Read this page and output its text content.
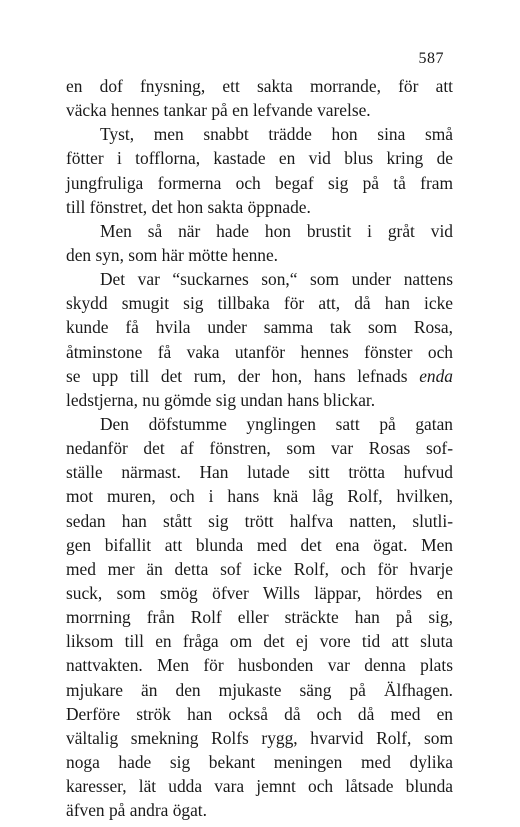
587
en dof fnysning, ett sakta morrande, för att
väcka hennes tankar på en lefvande varelse.
Tyst, men snabbt trädde hon sina små
fötter i tofflorna, kastade en vid blus kring de
jungfruliga formerna och begaf sig på tå fram
till fönstret, det hon sakta öppnade.
Men så när hade hon brustit i gråt vid
den syn, som här mötte henne.
Det var “suckarnes son,“ som under nattens
skydd smugit sig tillbaka för att, då han icke
kunde få hvila under samma tak som Rosa,
åtminstone få vaka utanför hennes fönster och
se upp till det rum, der hon, hans lefnads enda
ledstjerna, nu gömde sig undan hans blickar.
Den döfstumme ynglingen satt på gatan
nedanför det af fönstren, som var Rosas sof-
ställe närmast. Han lutade sitt trötta hufvud
mot muren, och i hans knä låg Rolf, hvilken,
sedan han stått sig trött halfva natten, slutli-
gen bifallit att blunda med det ena ögat. Men
med mer än detta sof icke Rolf, och för hvarje
suck, som smög öfver Wills läppar, hördes en
morrning från Rolf eller sträckte han på sig,
liksom till en fråga om det ej vore tid att sluta
nattvakten. Men för husbonden var denna plats
mjukare än den mjukaste säng på Älfhagen.
Derföre strök han också då och då med en
vältalig smekning Rolfs rygg, hvarvid Rolf, som
noga hade sig bekant meningen med dylika
karesser, lät udda vara jemnt och låtsade blunda
äfven på andra ögat.
